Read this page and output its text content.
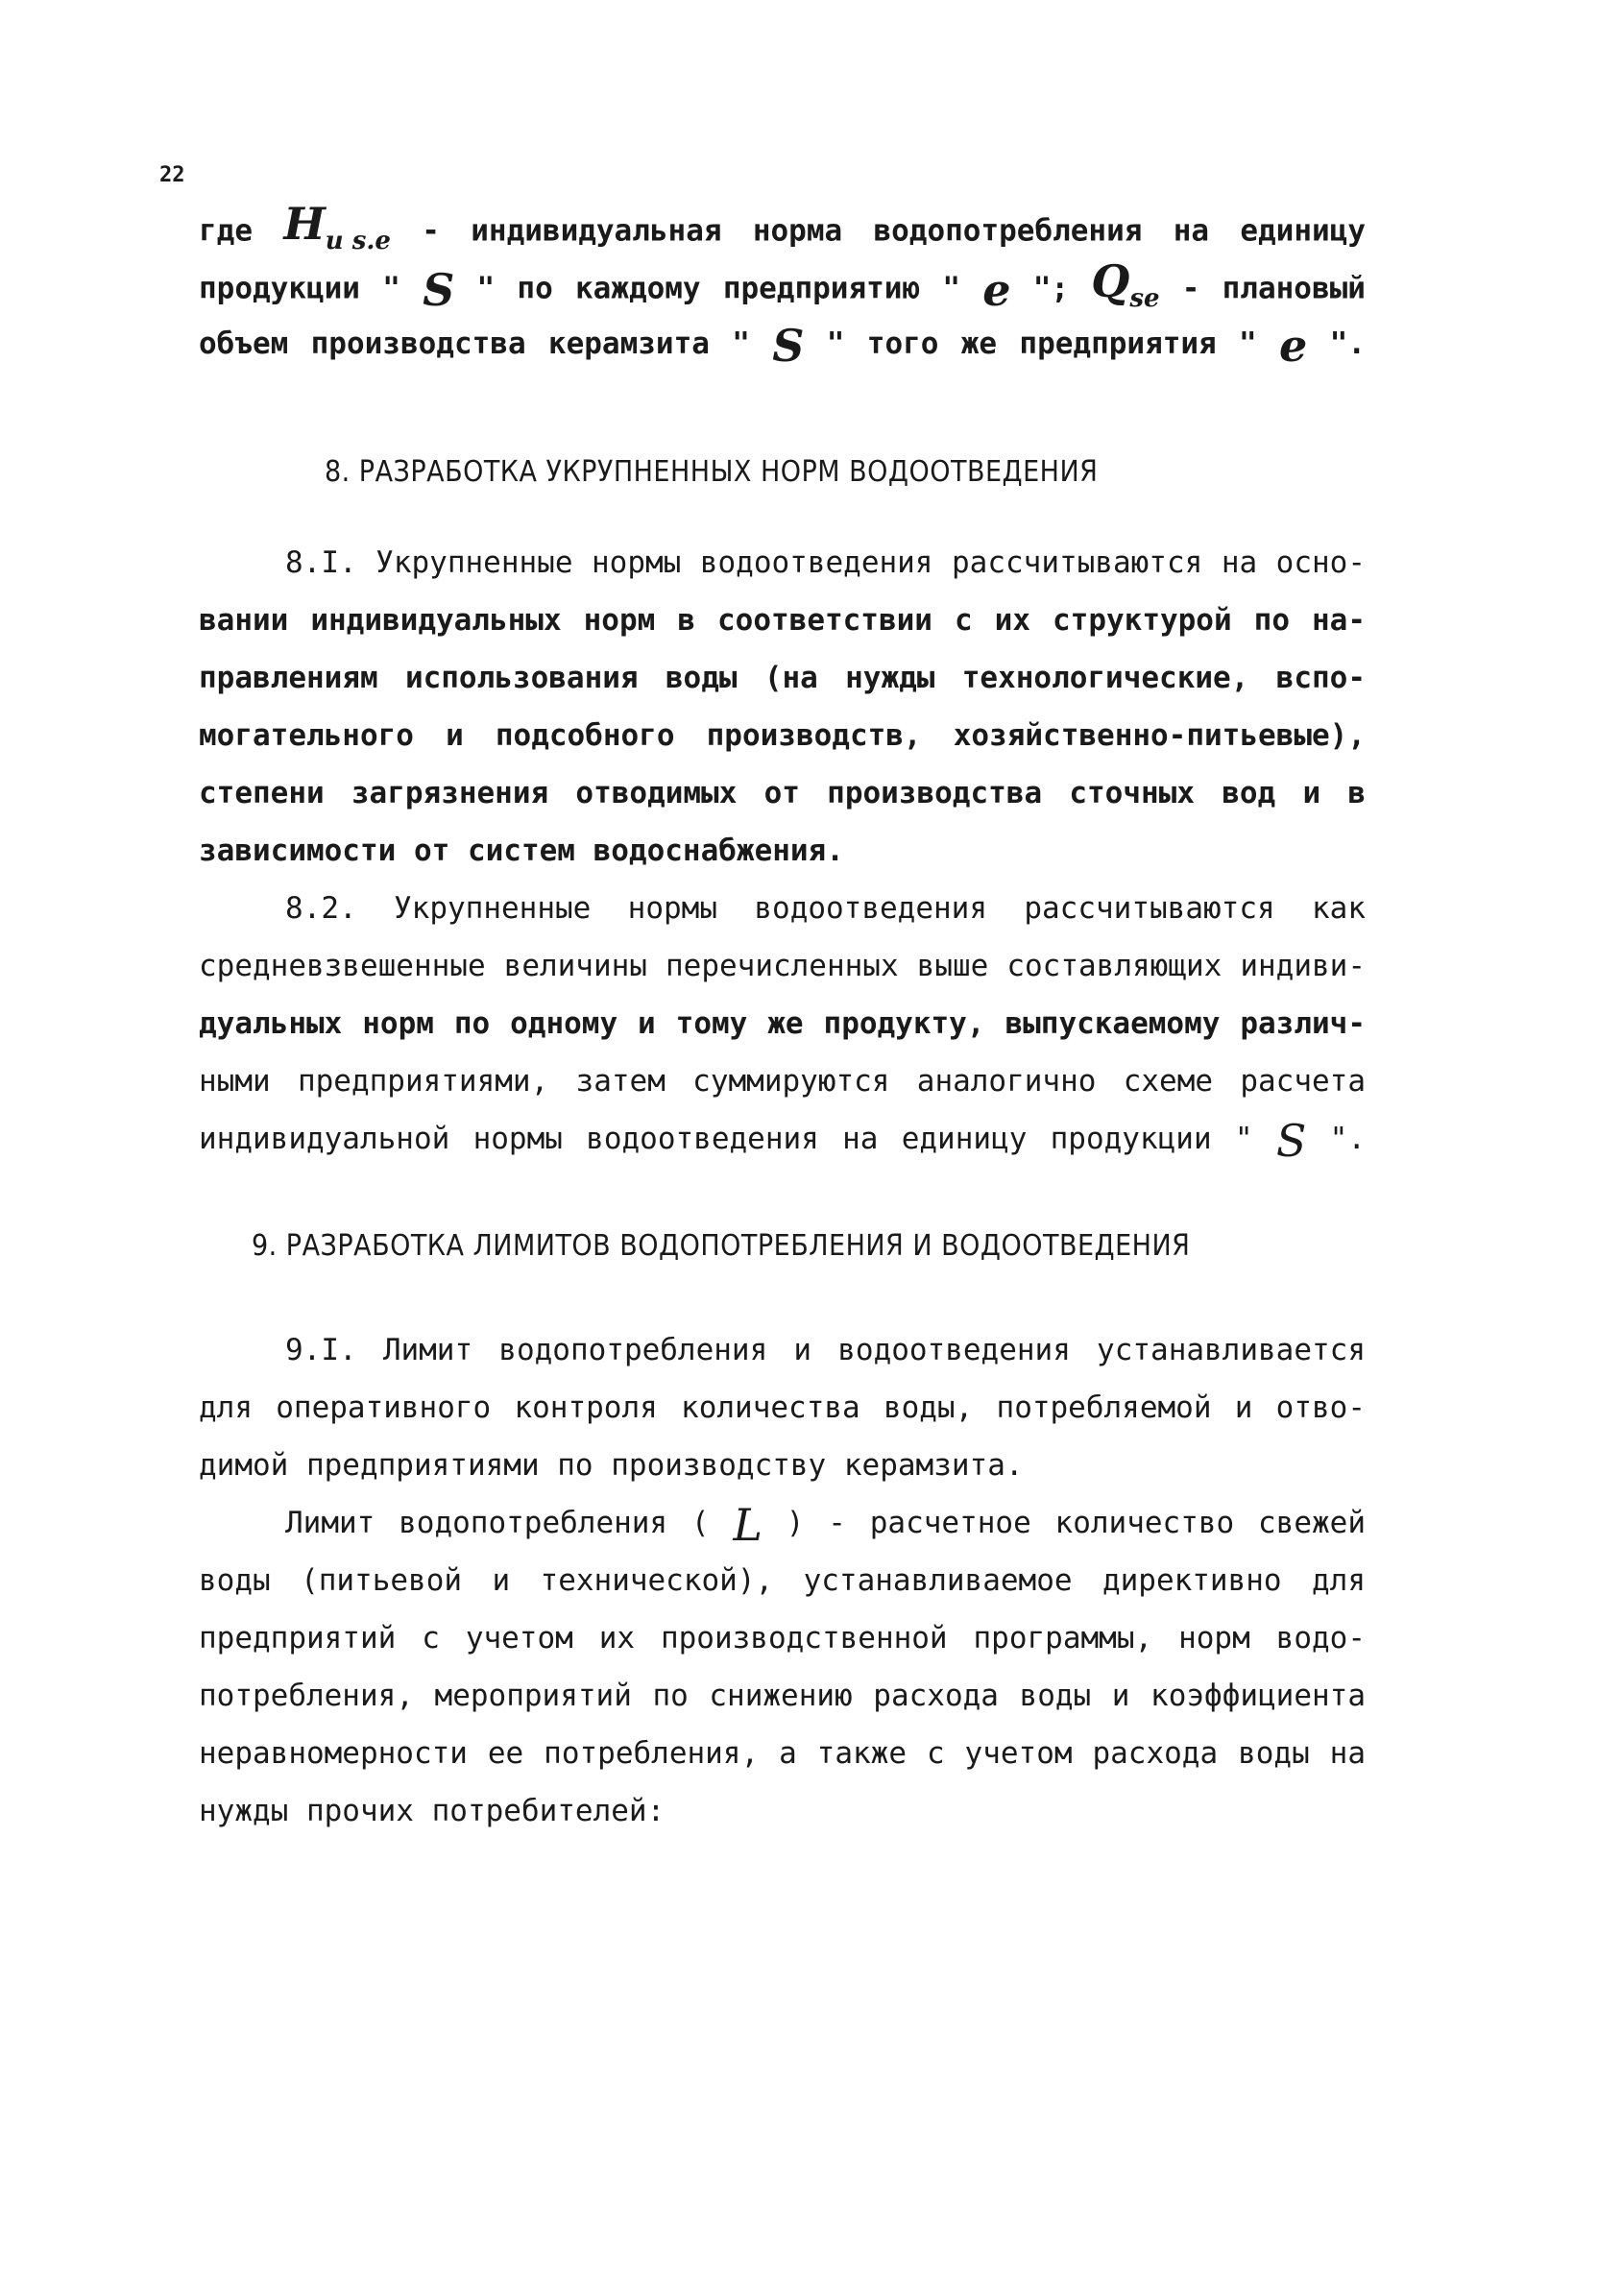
22
где $H_{u s.e}$ - индивидуальная норма водопотребления на единицу
продукции " S " по каждому предприятию " e "; $Q_{se}$ - плановый
объем производства керамзита " S " того же предприятия " e ".
8. РАЗРАБОТКА УКРУПНЕННЫХ НОРМ ВОДООТВЕДЕНИЯ
8.I. Укрупненные нормы водоотведения рассчитываются на осно-
вании индивидуальных норм в соответствии с их структурой по на-
правлениям использования воды (на нужды технологические, вспо-
могательного и подсобного производств, хозяйственно-питьевые),
степени загрязнения отводимых от производства сточных вод и в
зависимости от систем водоснабжения.
8.2. Укрупненные нормы водоотведения рассчитываются как
средневзвешенные величины перечисленных выше составляющих индиви-
дуальных норм по одному и тому же продукту, выпускаемому различ-
ными предприятиями, затем суммируются аналогично схеме расчета
индивидуальной нормы водоотведения на единицу продукции " S ".
9. РАЗРАБОТКА ЛИМИТОВ ВОДОПОТРЕБЛЕНИЯ И ВОДООТВЕДЕНИЯ
9.I. Лимит водопотребления и водоотведения устанавливается
для оперативного контроля количества воды, потребляемой и отво-
димой предприятиями по производству керамзита.
Лимит водопотребления ( L ) - расчетное количество свежей
воды (питьевой и технической), устанавливаемое директивно для
предприятий с учетом их производственной программы, норм водо-
потребления, мероприятий по снижению расхода воды и коэффициента
неравномерности ее потребления, а также с учетом расхода воды на
нужды прочих потребителей:
